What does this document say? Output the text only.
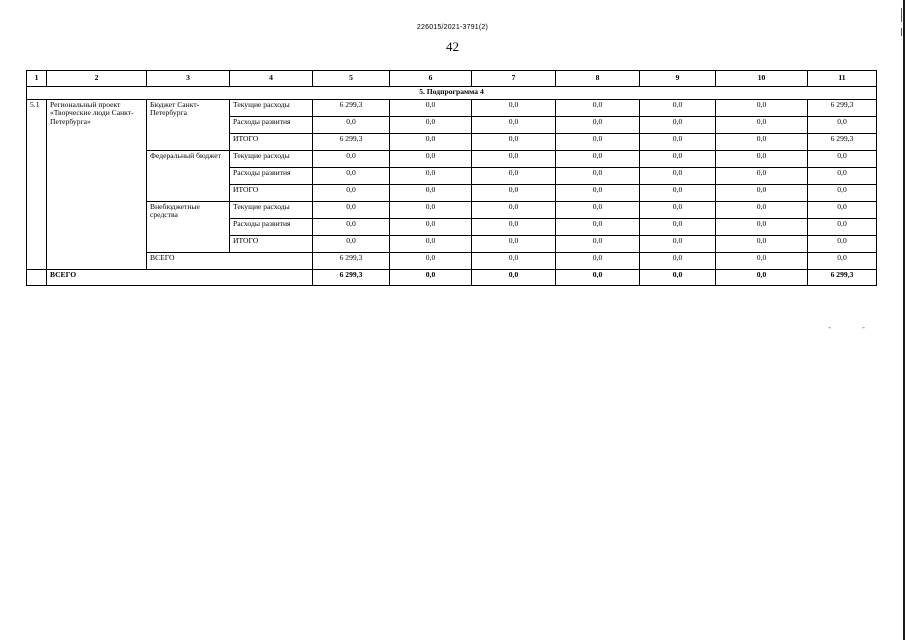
-	-
226015/2021-3791(2)
42
1	2	3	4	5	6	7	8	9	10	11
5. Подпрограмма 4										
5.1	Региональный проект «Творческие люди Санкт-Петербурга»	Бюджет Санкт-Петербурга	Текущие расходы	6 299,3	0,0	0,0	0,0	0,0	0,0	6 299,3
			Расходы развития	0,0	0,0	0,0	0,0	0,0	0,0	0,0
			ИТОГО	6 299,3	0,0	0,0	0,0	0,0	0,0	6 299,3
		Федеральный бюджет	Текущие расходы	0,0	0,0	0,0	0,0	0,0	0,0	0,0
			Расходы развития	0,0	0,0	0,0	0,0	0,0	0,0	0,0
			ИТОГО	0,0	0,0	0,0	0,0	0,0	0,0	0,0
		Внебюджетные средства	Текущие расходы	0,0	0,0	0,0	0,0	0,0	0,0	0,0
			Расходы развития	0,0	0,0	0,0	0,0	0,0	0,0	0,0
			ИТОГО	0,0	0,0	0,0	0,0	0,0	0,0	0,0
		ВСЕГО		6 299,3	0,0	0,0	0,0	0,0	0,0	0,0
	ВСЕГО			6 299,3	0,0	0,0	0,0	0,0	0,0	6 299,3
